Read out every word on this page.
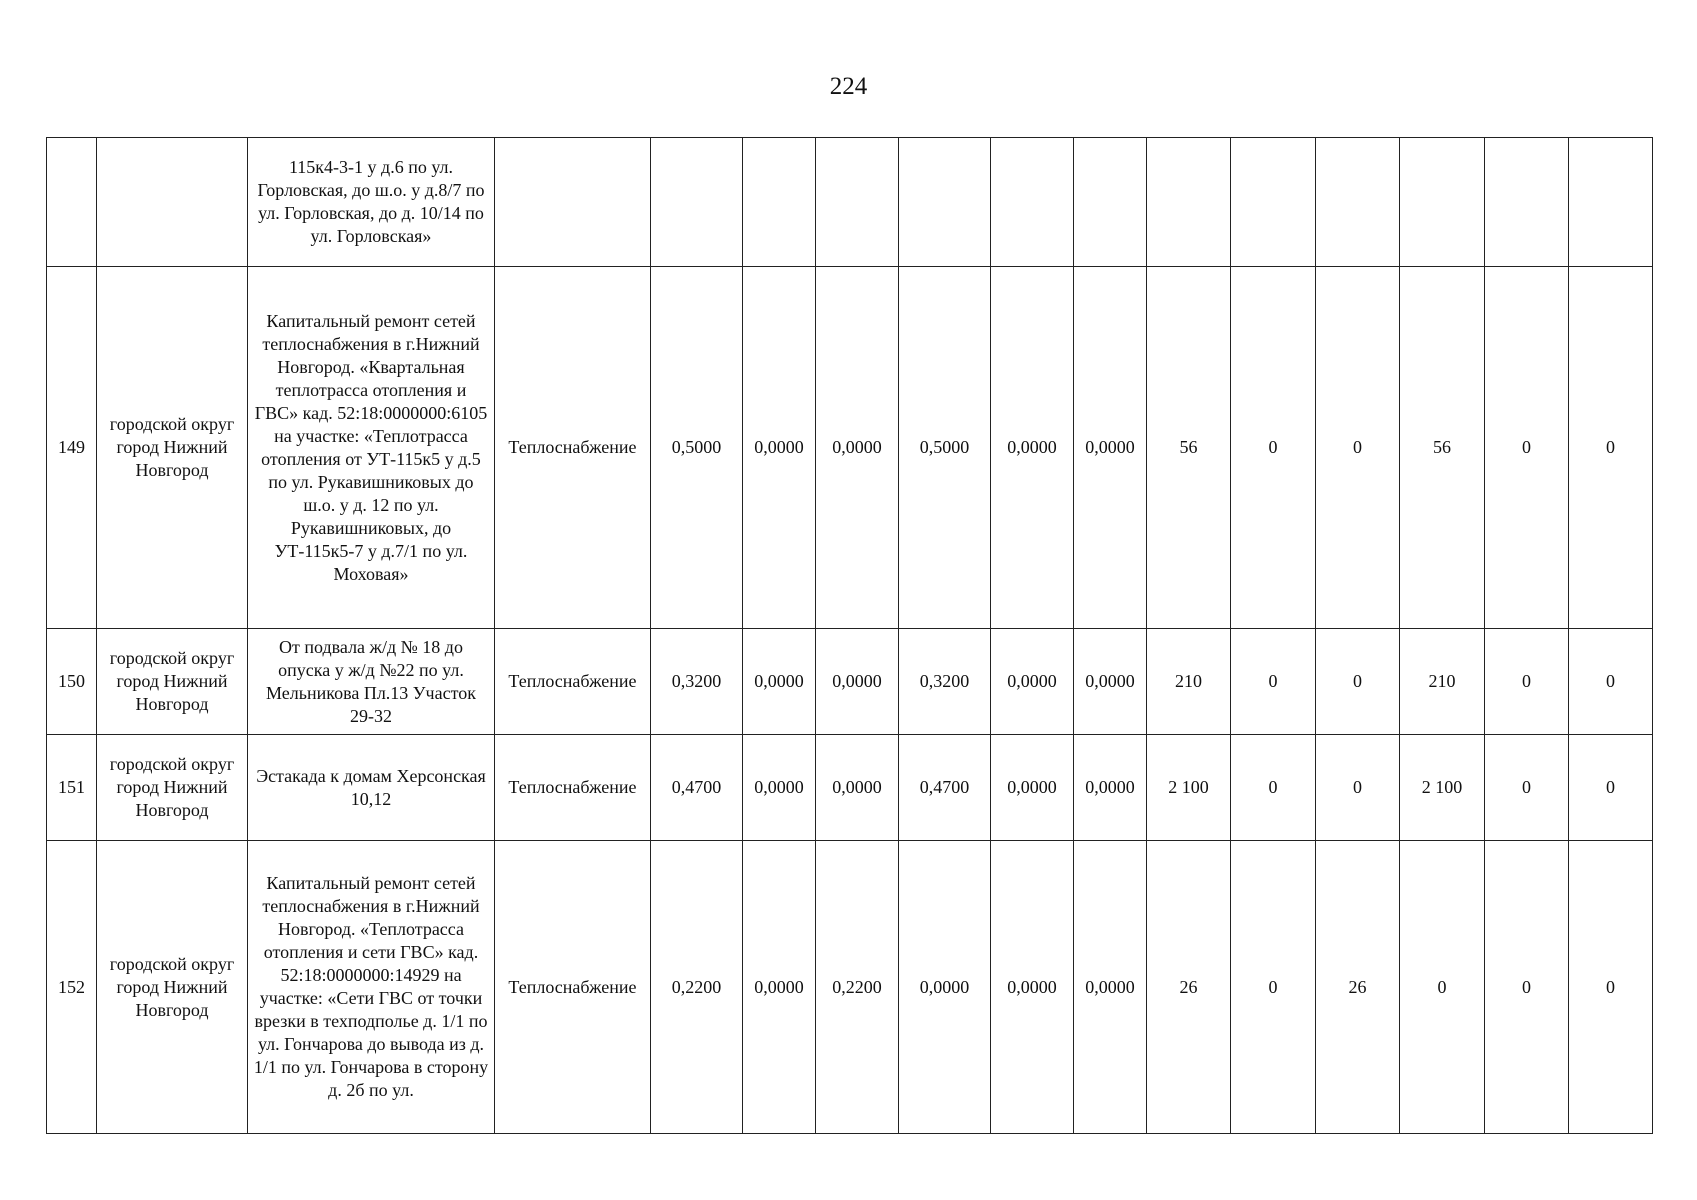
224
		115к4-3-1 у д.6 по ул. Горловская, до ш.о. у д.8/7 по ул. Горловская, до д. 10/14 по ул. Горловская»													
149	городской округ город Нижний Новгород	Капитальный ремонт сетей теплоснабжения в г.Нижний Новгород. «Квартальная теплотрасса отопления и ГВС» кад. 52:18:0000000:6105 на участке: «Теплотрасса отопления от УТ-115к5 у д.5 по ул. Рукавишниковых до ш.о. у д. 12 по ул. Рукавишниковых, до УТ-115к5-7 у д.7/1 по ул. Моховая»	Теплоснабжение	0,5000	0,0000	0,0000	0,5000	0,0000	0,0000	56	0	0	56	0	0
150	городской округ город Нижний Новгород	От подвала ж/д № 18 до опуска у ж/д №22 по ул. Мельникова Пл.13 Участок 29-32	Теплоснабжение	0,3200	0,0000	0,0000	0,3200	0,0000	0,0000	210	0	0	210	0	0
151	городской округ город Нижний Новгород	Эстакада к домам Херсонская 10,12	Теплоснабжение	0,4700	0,0000	0,0000	0,4700	0,0000	0,0000	2 100	0	0	2 100	0	0
152	городской округ город Нижний Новгород	Капитальный ремонт сетей теплоснабжения в г.Нижний Новгород. «Теплотрасса отопления и сети ГВС» кад. 52:18:0000000:14929 на участке: «Сети ГВС от точки врезки в техподполье д. 1/1 по ул. Гончарова до вывода из д. 1/1 по ул. Гончарова в сторону д. 2б по ул.	Теплоснабжение	0,2200	0,0000	0,2200	0,0000	0,0000	0,0000	26	0	26	0	0	0
